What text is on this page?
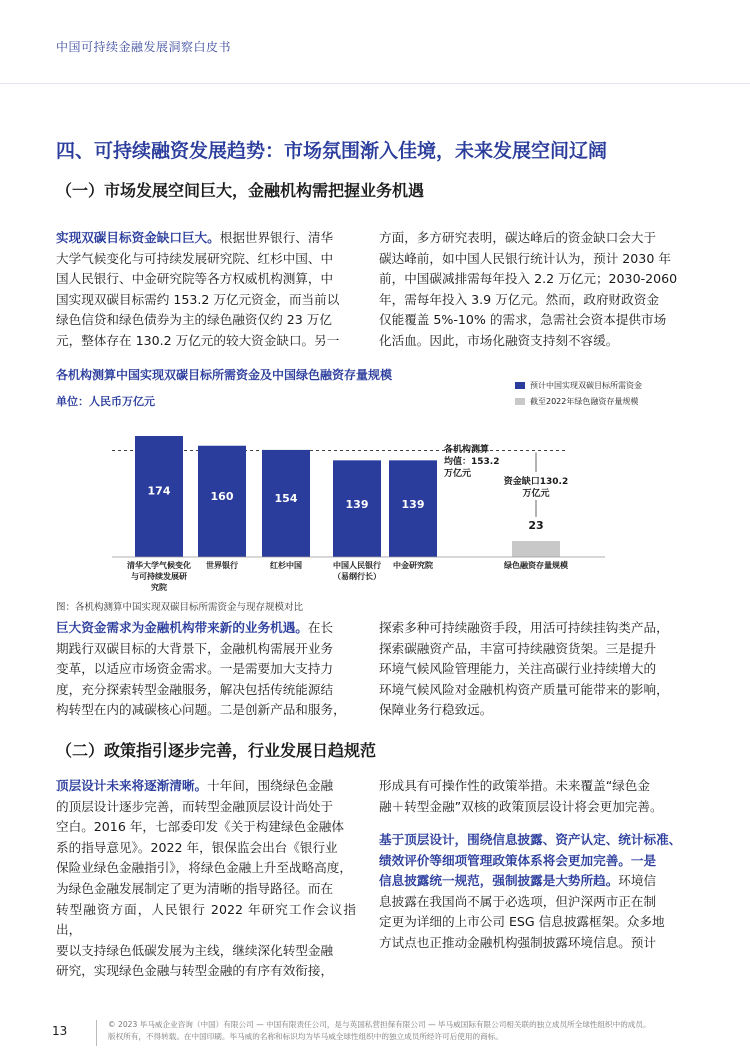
中国可持续金融发展洞察白皮书
四、可持续融资发展趋势：市场氛围渐入佳境，未来发展空间辽阔
（一）市场发展空间巨大，金融机构需把握业务机遇
实现双碳目标资金缺口巨大。根据世界银行、清华
大学气候变化与可持续发展研究院、红杉中国、中
国人民银行、中金研究院等各方权威机构测算，中
国实现双碳目标需约 153.2 万亿元资金，而当前以
绿色信贷和绿色债券为主的绿色融资仅约 23 万亿
元，整体存在 130.2 万亿元的较大资金缺口。另一
方面，多方研究表明，碳达峰后的资金缺口会大于
碳达峰前，如中国人民银行统计认为，预计 2030 年
前，中国碳减排需每年投入 2.2 万亿元；2030-2060
年，需每年投入 3.9 万亿元。然而，政府财政资金
仅能覆盖 5%-10% 的需求，急需社会资本提供市场
化活血。因此，市场化融资支持刻不容缓。
各机构测算中国实现双碳目标所需资金及中国绿色融资存量规模
单位：人民币万亿元
预计中国实现双碳目标所需资金
截至2022年绿色融资存量规模
174
清华大学气候变化
与可持续发展研
究院
160
世界银行
154
红杉中国
139
中国人民银行
（易纲行长）
139
中金研究院
23
绿色融资存量规模
各机构测算
均值：153.2
万亿元
资金缺口130.2
万亿元
图：各机构测算中国实现双碳目标所需资金与现存规模对比
巨大资金需求为金融机构带来新的业务机遇。在长
期践行双碳目标的大背景下，金融机构需展开业务
变革，以适应市场资金需求。一是需要加大支持力
度，充分探索转型金融服务，解决包括传统能源结
构转型在内的减碳核心问题。二是创新产品和服务，
探索多种可持续融资手段，用活可持续挂钩类产品，
探索碳融资产品，丰富可持续融资货架。三是提升
环境气候风险管理能力，关注高碳行业持续增大的
环境气候风险对金融机构资产质量可能带来的影响，
保障业务行稳致远。
（二）政策指引逐步完善，行业发展日趋规范
顶层设计未来将逐渐清晰。十年间，围绕绿色金融
的顶层设计逐步完善，而转型金融顶层设计尚处于
空白。2016 年，七部委印发《关于构建绿色金融体
系的指导意见》。2022 年，银保监会出台《银行业
保险业绿色金融指引》，将绿色金融上升至战略高度，
为绿色金融发展制定了更为清晰的指导路径。而在
转型融资方面，人民银行 2022 年研究工作会议指出，
要以支持绿色低碳发展为主线，继续深化转型金融
研究，实现绿色金融与转型金融的有序有效衔接，
形成具有可操作性的政策举措。未来覆盖“绿色金
融＋转型金融”双核的政策顶层设计将会更加完善。
基于顶层设计，围绕信息披露、资产认定、统计标准、
绩效评价等细项管理政策体系将会更加完善。一是
信息披露统一规范，强制披露是大势所趋。环境信
息披露在我国尚不属于必选项，但沪深两市正在制
定更为详细的上市公司 ESG 信息披露框架。众多地
方试点也正推动金融机构强制披露环境信息。预计
13	© 2023 毕马威企业咨询（中国）有限公司 — 中国有限责任公司，是与英国私营担保有限公司 — 毕马威国际有限公司相关联的独立成员所全球性组织中的成员。
版权所有，不得转载。在中国印刷。毕马威的名称和标识均为毕马威全球性组织中的独立成员所经许可后使用的商标。
